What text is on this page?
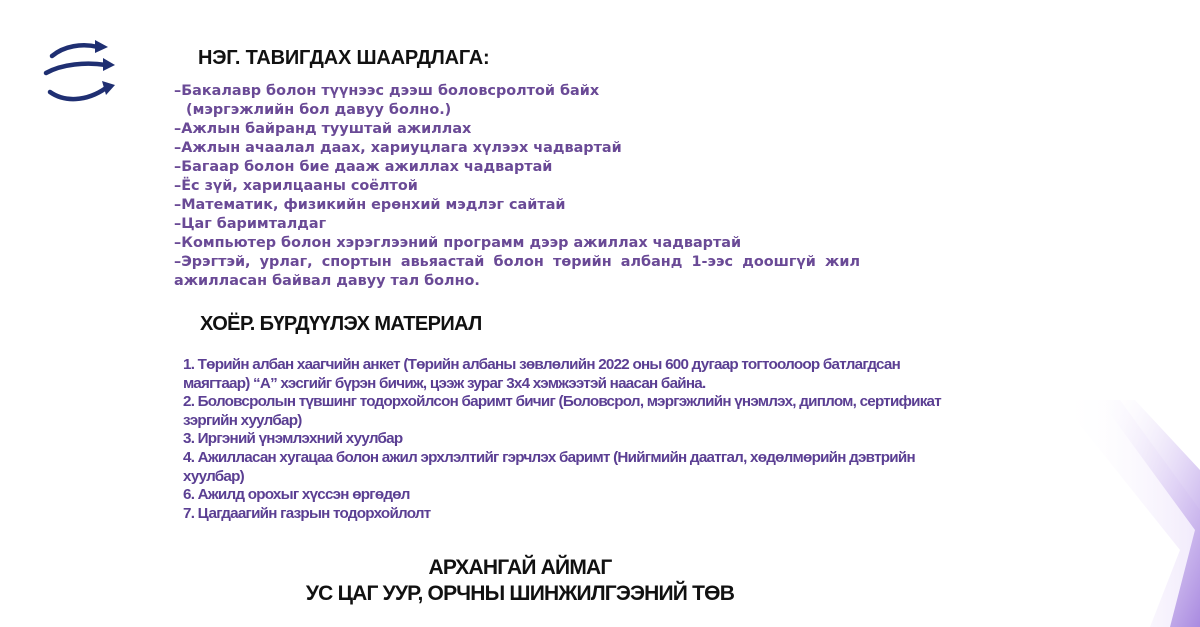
НЭГ. ТАВИГДАХ ШААРДЛАГА:
–Бакалавр болон түүнээс дээш боловсролтой байх
(мэргэжлийн бол давуу болно.)
–Ажлын байранд тууштай ажиллах
–Ажлын ачаалал даах, хариуцлага хүлээх чадвартай
–Багаар болон бие дааж ажиллах чадвартай
–Ёс зүй, харилцааны соёлтой
–Математик, физикийн ерөнхий мэдлэг сайтай
–Цаг баримталдаг
–Компьютер болон хэрэглээний программ дээр ажиллах чадвартай
–Эрэгтэй, урлаг, спортын авьяастай болон төрийн албанд 1-ээс доошгүй жил ажилласан байвал давуу тал болно.
ХОЁР. БҮРДҮҮЛЭХ МАТЕРИАЛ
1. Төрийн албан хаагчийн анкет (Төрийн албаны зөвлөлийн 2022 оны 600 дугаар тогтоолоор батлагдсан маягтаар) “А” хэсгийг бүрэн бичиж, цээж зураг 3х4 хэмжээтэй наасан байна.
2. Боловсролын түвшинг тодорхойлсон баримт бичиг (Боловсрол, мэргэжлийн үнэмлэх, диплом, сертификат зэргийн хуулбар)
3. Иргэний үнэмлэхний хуулбар
4. Ажилласан хугацаа болон ажил эрхлэлтийг гэрчлэх баримт (Нийгмийн даатгал, хөдөлмөрийн дэвтрийн хуулбар)
6. Ажилд орохыг хүссэн өргөдөл
7. Цагдаагийн газрын тодорхойлолт
АРХАНГАЙ АЙМАГ
УС ЦАГ УУР, ОРЧНЫ ШИНЖИЛГЭЭНИЙ ТӨВ
